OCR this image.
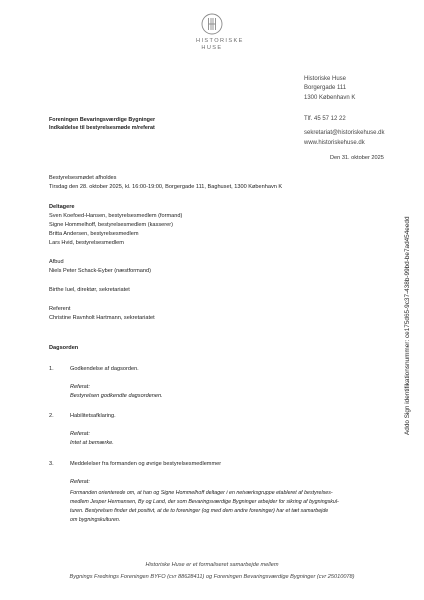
HISTORISKE
HUSE
Historiske Huse
Borgergade 111
1300 København K
Tlf. 45 57 12 22
sekretariat@historiskehuse.dk
www.historiskehuse.dk
Foreningen Bevaringsværdige Bygninger
Indkaldelse til bestyrelsesmøde m/referat
Den 31. oktober 2025
Bestyrelsesmødet afholdes
Tirsdag den 28. oktober 2025, kl. 16:00-19:00, Borgergade 111, Baghuset, 1300 København K
Deltagere
Sven Koefoed-Hansen, bestyrelsesmedlem (formand)
Signe Hommelhoff, bestyrelsesmedlem (kasserer)
Britta Andersen, bestyrelsesmedlem
Lars Hvid, bestyrelsesmedlem
Afbud
Niels Peter Schack-Eyber (næstformand)
Birthe Iuel, direktør, sekretariatet
Referent
Christine Ravnholt Hartmann, sekretariatet
Dagsorden
1.	Godkendelse af dagsorden.
Referat:
Bestyrelsen godkendte dagsordenen.
2.	Habilitetsafklaring.
Referat:
Intet at bemærke.
3.	Meddelelser fra formanden og øvrige bestyrelsesmedlemmer
Referat:
Formanden orienterede om, at han og Signe Hommelhoff deltager i en netværksgruppe etableret af bestyrelses-
medlem Jesper Hermansen, By og Land, der som Bevaringsværdige Bygninger arbejder for sikring af bygningskul-
turen. Bestyrelsen finder det positivt, at de to foreninger (og med dem andre foreninger) har et tæt samarbejde
om bygningskulturen.
Addo Sign identifikationsnummer: ce175d65-9c37-438b-99bd-be7ad454eedd
Historiske Huse er et formaliseret samarbejde mellem
Bygnings Frednings Foreningen BYFO (cvr 88628411) og Foreningen Bevaringsværdige Bygninger (cvr 25010078)
